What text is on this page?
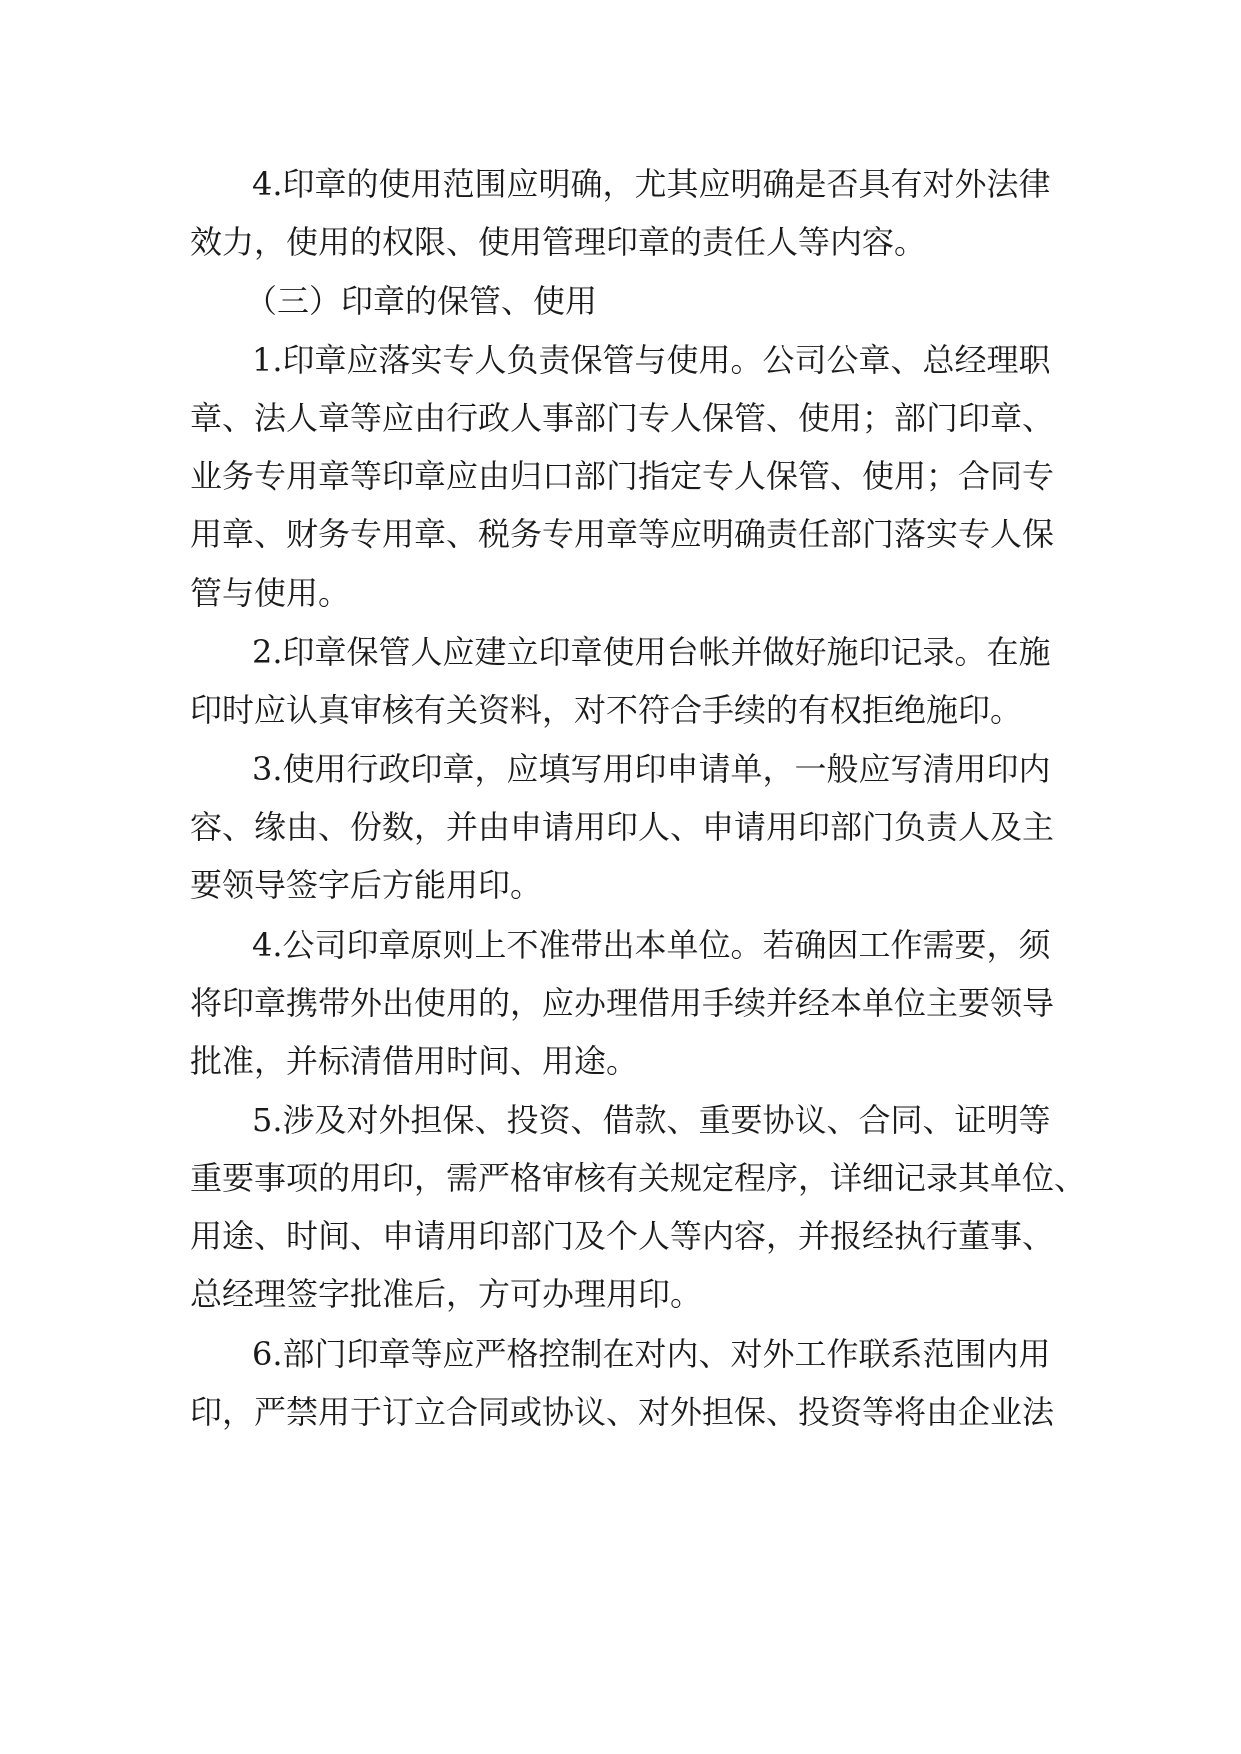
4.印章的使用范围应明确，尤其应明确是否具有对外法律
效力，使用的权限、使用管理印章的责任人等内容。
（三）印章的保管、使用
1.印章应落实专人负责保管与使用。公司公章、总经理职
章、法人章等应由行政人事部门专人保管、使用；部门印章、
业务专用章等印章应由归口部门指定专人保管、使用；合同专
用章、财务专用章、税务专用章等应明确责任部门落实专人保
管与使用。
2.印章保管人应建立印章使用台帐并做好施印记录。在施
印时应认真审核有关资料，对不符合手续的有权拒绝施印。
3.使用行政印章，应填写用印申请单，一般应写清用印内
容、缘由、份数，并由申请用印人、申请用印部门负责人及主
要领导签字后方能用印。
4.公司印章原则上不准带出本单位。若确因工作需要，须
将印章携带外出使用的，应办理借用手续并经本单位主要领导
批准，并标清借用时间、用途。
5.涉及对外担保、投资、借款、重要协议、合同、证明等
重要事项的用印，需严格审核有关规定程序，详细记录其单位、
用途、时间、申请用印部门及个人等内容，并报经执行董事、
总经理签字批准后，方可办理用印。
6.部门印章等应严格控制在对内、对外工作联系范围内用
印，严禁用于订立合同或协议、对外担保、投资等将由企业法
